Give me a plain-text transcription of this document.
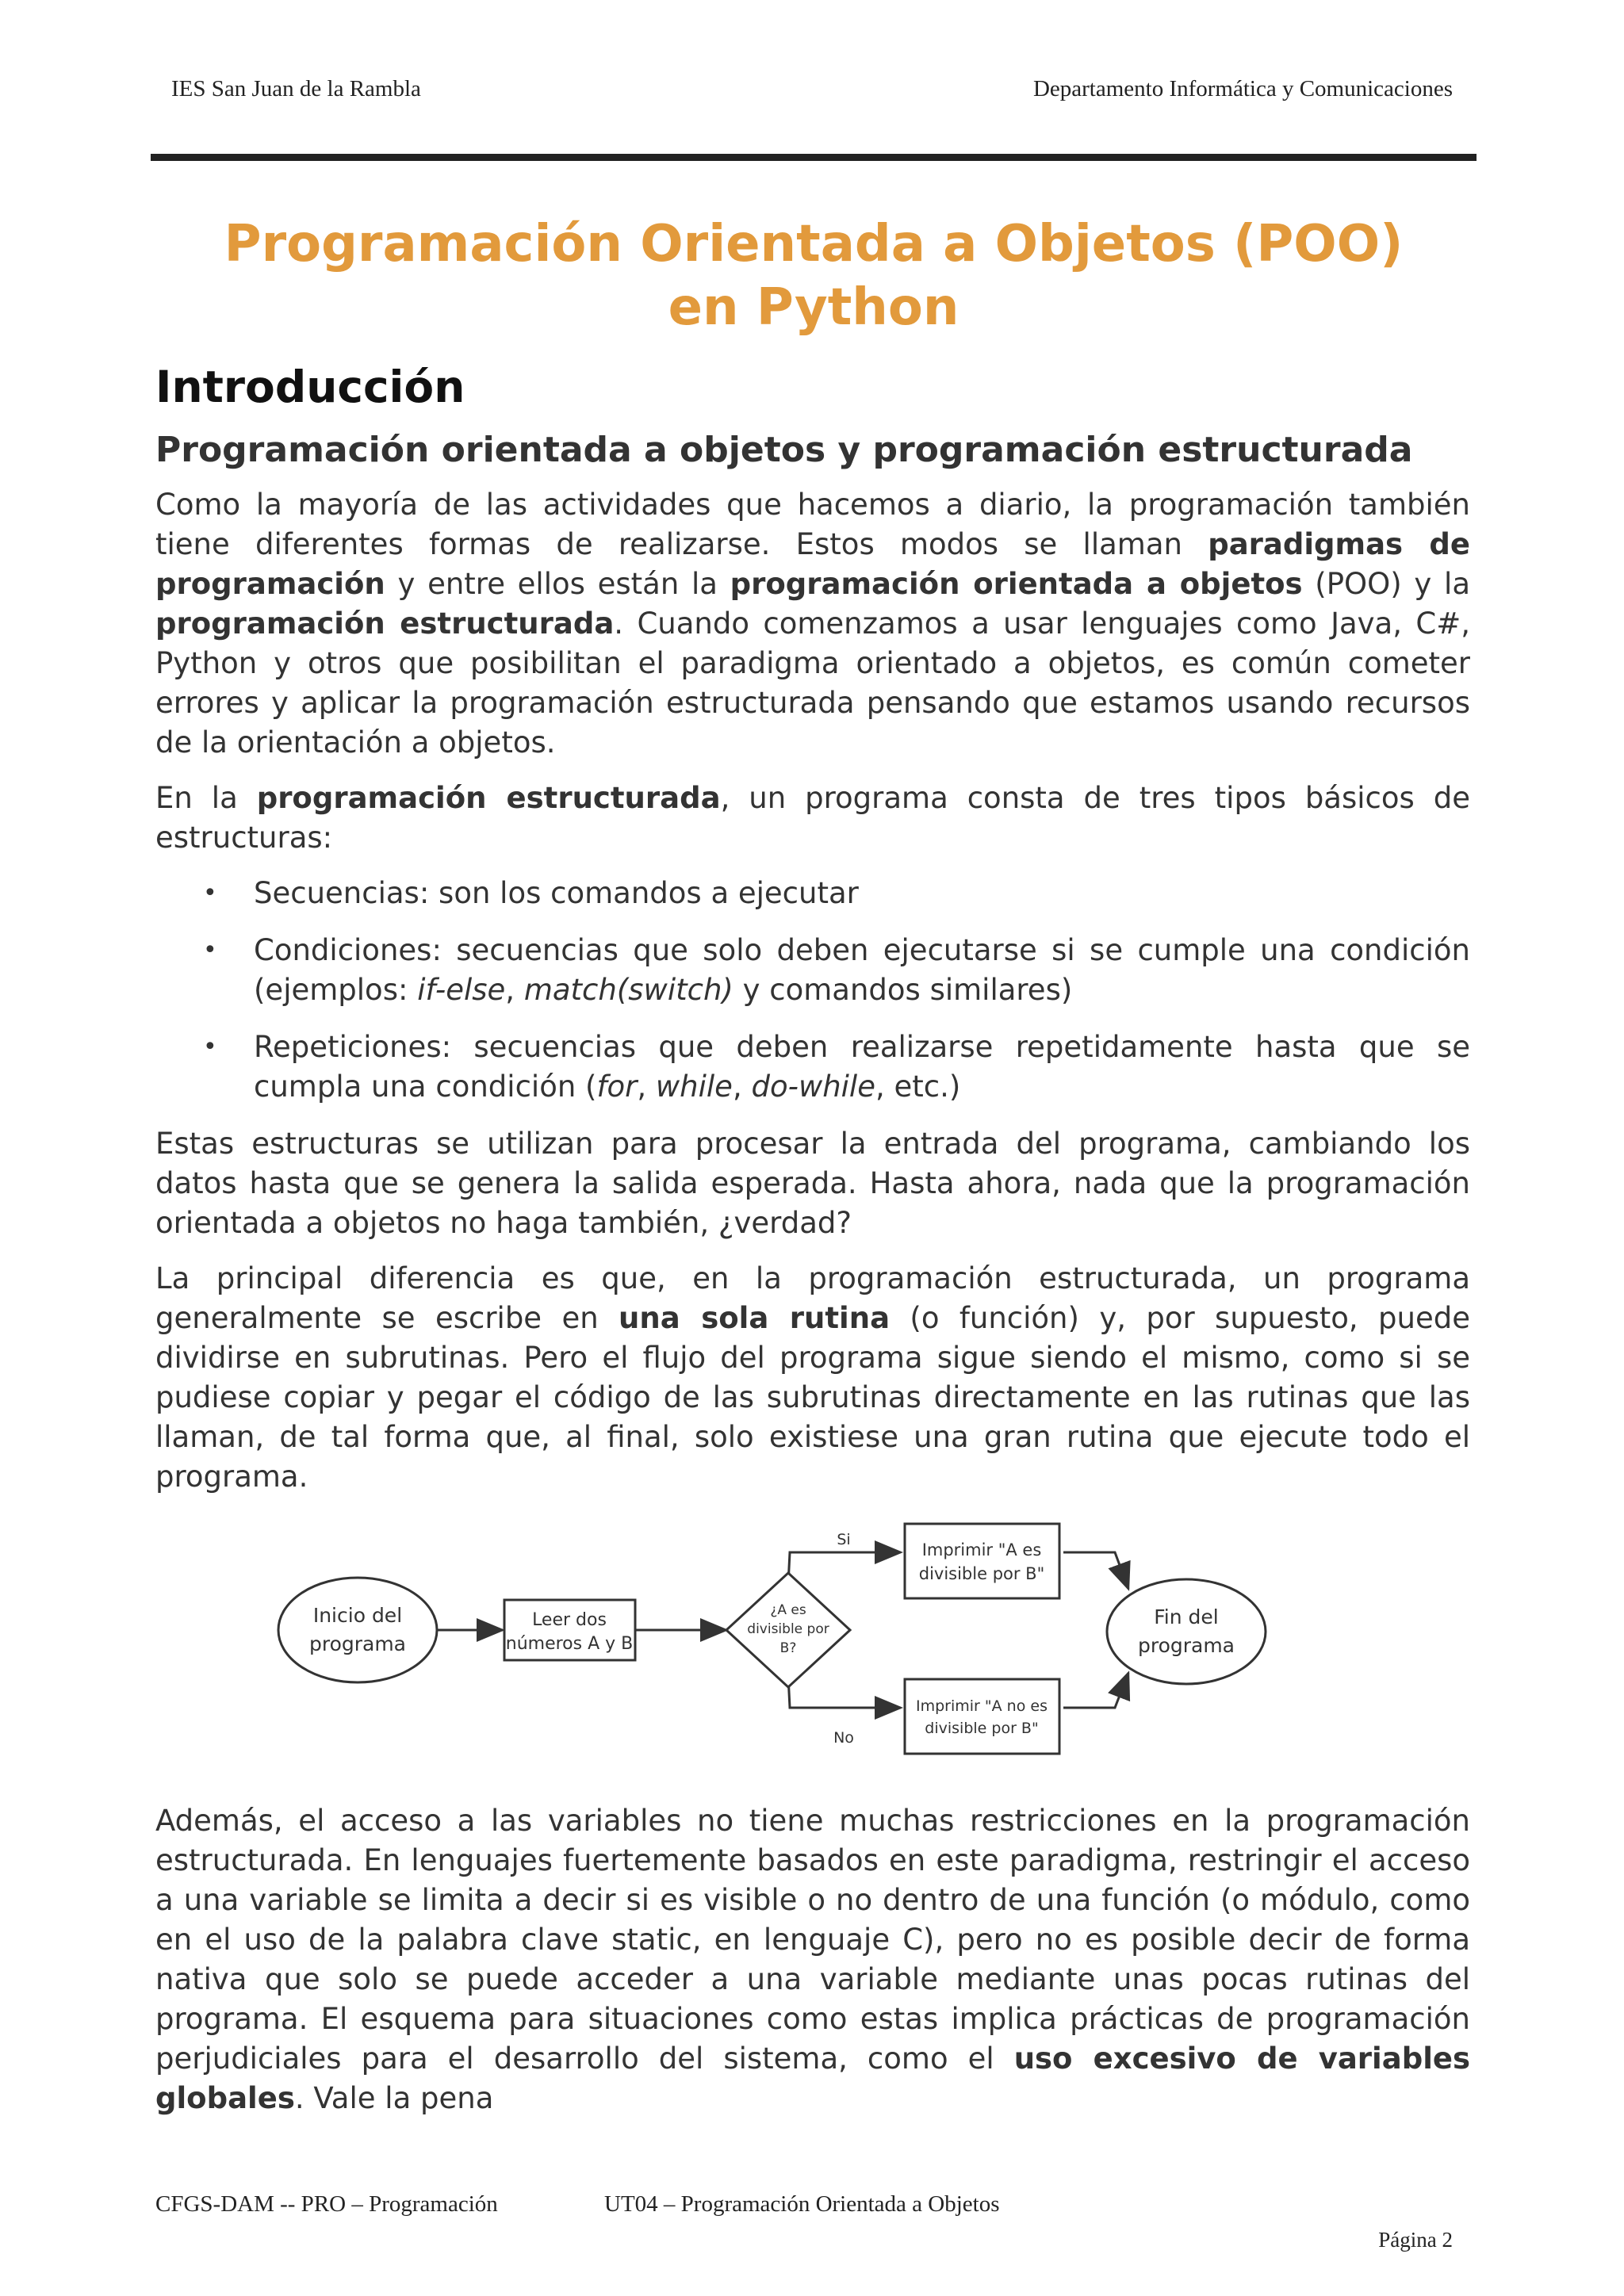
IES San Juan de la Rambla	Departamento Informática y Comunicaciones
Programación Orientada a Objetos (POO)
en Python
Introducción
Programación orientada a objetos y programación estructurada

Como la mayoría de las actividades que hacemos a diario, la programación también tiene diferentes formas de realizarse. Estos modos se llaman paradigmas de programación y entre ellos están la programación orientada a objetos (POO) y la programación estructurada. Cuando comenzamos a usar lenguajes como Java, C#, Python y otros que posibilitan el paradigma orientado a objetos, es común cometer errores y aplicar la programación estructurada pensando que estamos usando recursos de la orientación a objetos.

En la programación estructurada, un programa consta de tres tipos básicos de estructuras:

• Secuencias: son los comandos a ejecutar
• Condiciones: secuencias que solo deben ejecutarse si se cumple una condición (ejemplos: if-else, match(switch) y comandos similares)
• Repeticiones: secuencias que deben realizarse repetidamente hasta que se cumpla una condición (for, while, do-while, etc.)

Estas estructuras se utilizan para procesar la entrada del programa, cambiando los datos hasta que se genera la salida esperada. Hasta ahora, nada que la programación orientada a objetos no haga también, ¿verdad?

La principal diferencia es que, en la programación estructurada, un programa generalmente se escribe en una sola rutina (o función) y, por supuesto, puede dividirse en subrutinas. Pero el flujo del programa sigue siendo el mismo, como si se pudiese copiar y pegar el código de las subrutinas directamente en las rutinas que las llaman, de tal forma que, al final, solo existiese una gran rutina que ejecute todo el programa.

Inicio del
programa
Leer dos
números A y B
¿A es
divisible por
B?
Si
No
Imprimir "A es
divisible por B"
Imprimir "A no es
divisible por B"
Fin del
programa

Además, el acceso a las variables no tiene muchas restricciones en la programación estructurada. En lenguajes fuertemente basados en este paradigma, restringir el acceso a una variable se limita a decir si es visible o no dentro de una función (o módulo, como en el uso de la palabra clave static, en lenguaje C), pero no es posible decir de forma nativa que solo se puede acceder a una variable mediante unas pocas rutinas del programa. El esquema para situaciones como estas implica prácticas de programación perjudiciales para el desarrollo del sistema, como el uso excesivo de variables globales. Vale la pena

CFGS-DAM -- PRO – Programación	UT04 – Programación Orientada a Objetos
Página 2
